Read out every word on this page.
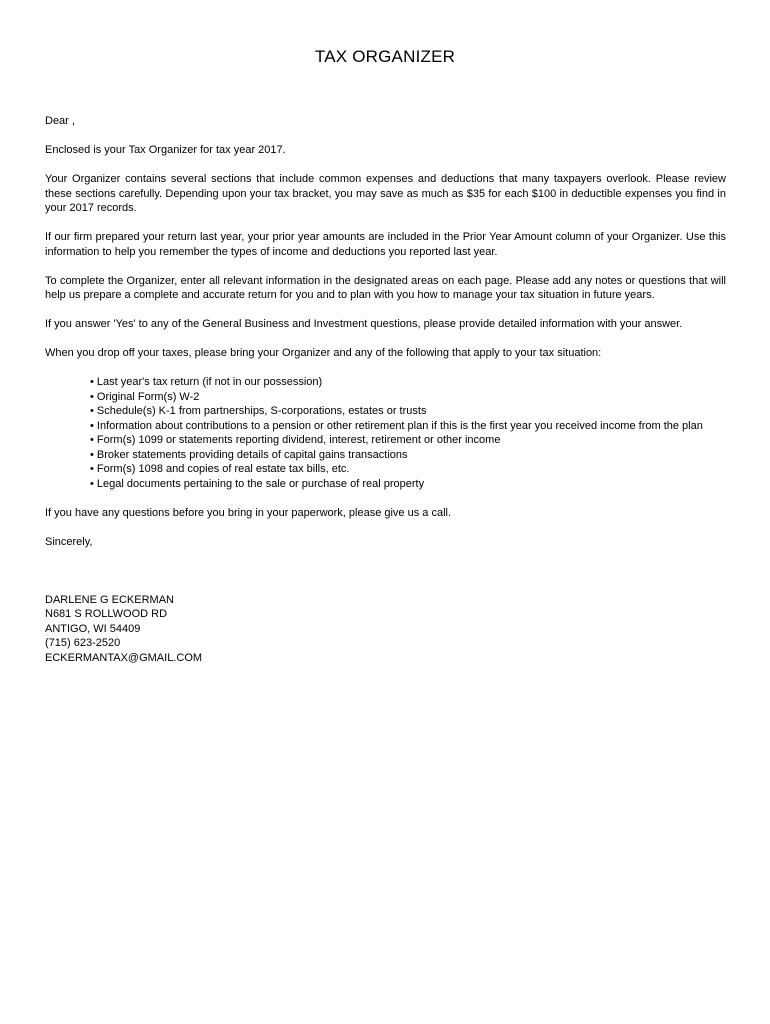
TAX ORGANIZER

Dear ,

Enclosed is your Tax Organizer for tax year 2017.

Your Organizer contains several sections that include common expenses and deductions that many taxpayers overlook. Please review these sections carefully. Depending upon your tax bracket, you may save as much as $35 for each $100 in deductible expenses you find in your 2017 records.

If our firm prepared your return last year, your prior year amounts are included in the Prior Year Amount column of your Organizer. Use this information to help you remember the types of income and deductions you reported last year.

To complete the Organizer, enter all relevant information in the designated areas on each page. Please add any notes or questions that will help us prepare a complete and accurate return for you and to plan with you how to manage your tax situation in future years.

If you answer 'Yes' to any of the General Business and Investment questions, please provide detailed information with your answer.

When you drop off your taxes, please bring your Organizer and any of the following that apply to your tax situation:

• Last year's tax return (if not in our possession)
• Original Form(s) W-2
• Schedule(s) K-1 from partnerships, S-corporations, estates or trusts
• Information about contributions to a pension or other retirement plan if this is the first year you received income from the plan
• Form(s) 1099 or statements reporting dividend, interest, retirement or other income
• Broker statements providing details of capital gains transactions
• Form(s) 1098 and copies of real estate tax bills, etc.
• Legal documents pertaining to the sale or purchase of real property

If you have any questions before you bring in your paperwork, please give us a call.

Sincerely,

DARLENE G ECKERMAN
N681 S ROLLWOOD RD
ANTIGO, WI 54409
(715) 623-2520
ECKERMANTAX@GMAIL.COM
